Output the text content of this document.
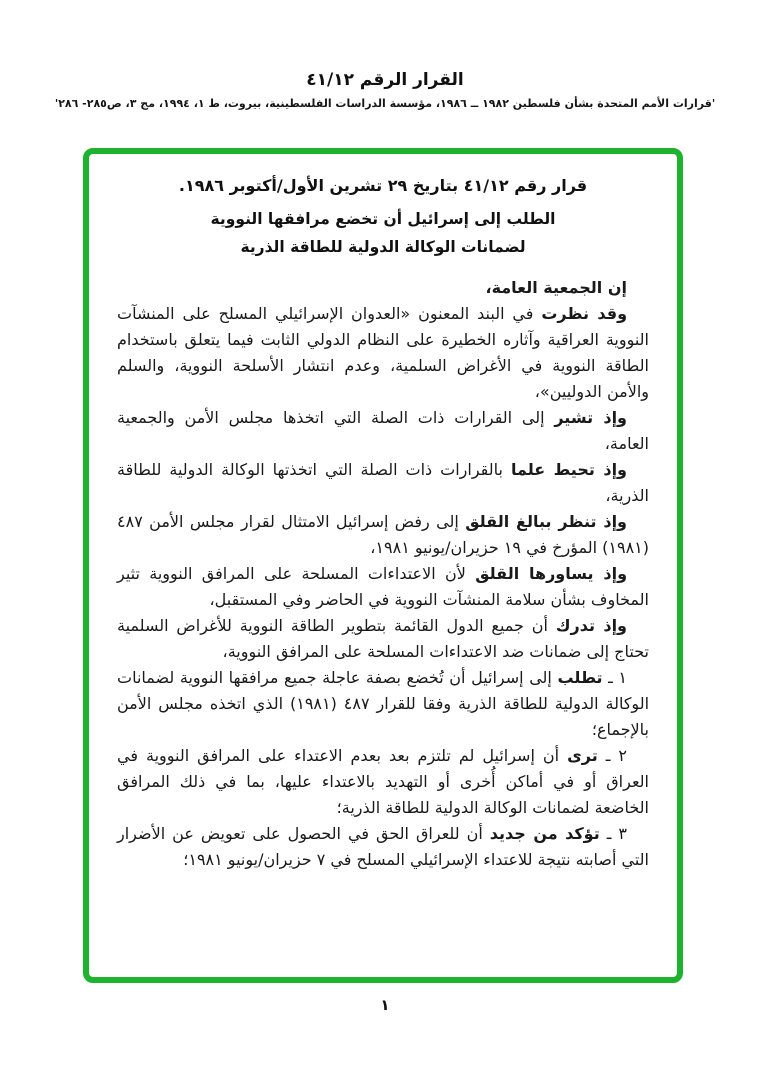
القرار الرقم ٤١/١٢
'قرارات الأمم المتحدة بشأن فلسطين ١٩٨٢ ــ ١٩٨٦، مؤسسة الدراسات الفلسطينية، بيروت، ط ١، ١٩٩٤، مج ٣، ص٢٨٥- ٢٨٦'
قرار رقم ٤١/١٢ بتاريخ ٢٩ تشرين الأول/أكتوبر ١٩٨٦.
الطلب إلى إسرائيل أن تخضع مرافقها النووية
لضمانات الوكالة الدولية للطاقة الذرية

إن الجمعية العامة،

وقد نظرت في البند المعنون «العدوان الإسرائيلي المسلح على المنشآت النووية العراقية وآثاره الخطيرة على النظام الدولي الثابت فيما يتعلق باستخدام الطاقة النووية في الأغراض السلمية، وعدم انتشار الأسلحة النووية، والسلم والأمن الدوليين»،

وإذ تشير إلى القرارات ذات الصلة التي اتخذها مجلس الأمن والجمعية العامة،

وإذ تحيط علما بالقرارات ذات الصلة التي اتخذتها الوكالة الدولية للطاقة الذرية،

وإذ تنظر ببالغ القلق إلى رفض إسرائيل الامتثال لقرار مجلس الأمن ٤٨٧ (١٩٨١) المؤرخ في ١٩ حزيران/يونيو ١٩٨١،

وإذ يساورها القلق لأن الاعتداءات المسلحة على المرافق النووية تثير المخاوف بشأن سلامة المنشآت النووية في الحاضر وفي المستقبل،

وإذ تدرك أن جميع الدول القائمة بتطوير الطاقة النووية للأغراض السلمية تحتاج إلى ضمانات ضد الاعتداءات المسلحة على المرافق النووية،

١ ـ تطلب إلى إسرائيل أن تُخضع بصفة عاجلة جميع مرافقها النووية لضمانات الوكالة الدولية للطاقة الذرية وفقا للقرار ٤٨٧ (١٩٨١) الذي اتخذه مجلس الأمن بالإجماع؛

٢ ـ ترى أن إسرائيل لم تلتزم بعد بعدم الاعتداء على المرافق النووية في العراق أو في أماكن أُخرى أو التهديد بالاعتداء عليها، بما في ذلك المرافق الخاضعة لضمانات الوكالة الدولية للطاقة الذرية؛

٣ ـ تؤكد من جديد أن للعراق الحق في الحصول على تعويض عن الأضرار التي أصابته نتيجة للاعتداء الإسرائيلي المسلح في ٧ حزيران/يونيو ١٩٨١؛

١
